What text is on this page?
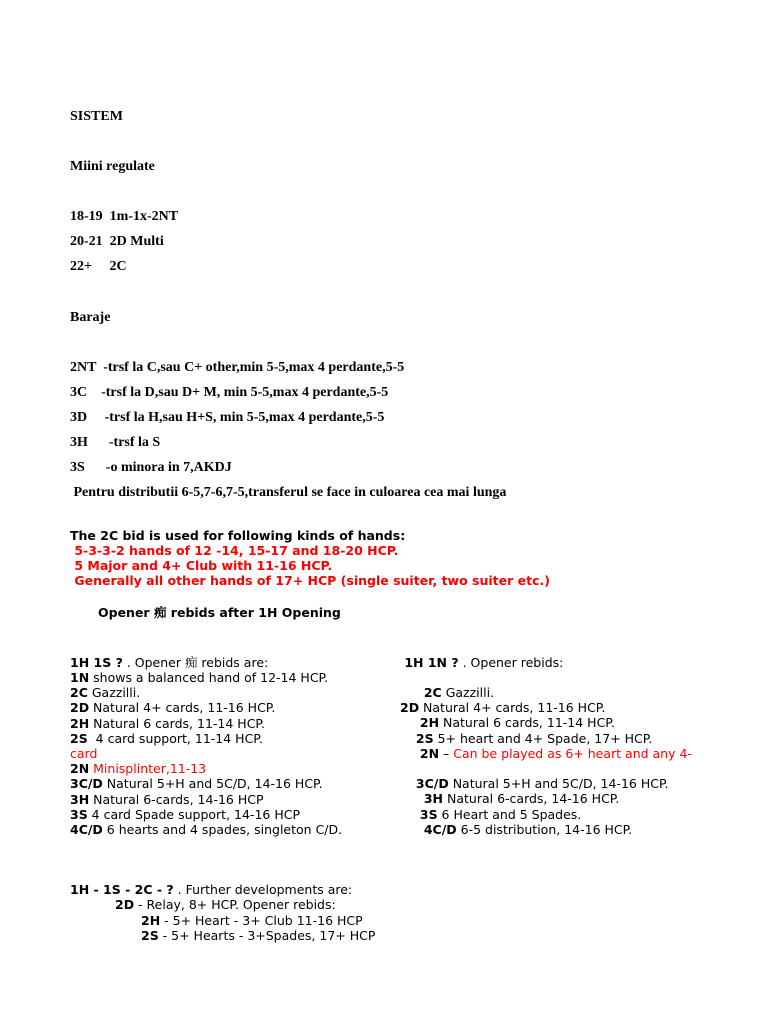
SISTEM
Miini regulate
18-19  1m-1x-2NT
20-21  2D Multi
22+     2C
Baraje
2NT  -trsf la C,sau C+ other,min 5-5,max 4 perdante,5-5
3C    -trsf la D,sau D+ M, min 5-5,max 4 perdante,5-5
3D     -trsf la H,sau H+S, min 5-5,max 4 perdante,5-5
3H      -trsf la S
3S      -o minora in 7,AKDJ
Pentru distributii 6-5,7-6,7-5,transferul se face in culoarea cea mai lunga
The 2C bid is used for following kinds of hands:
5-3-3-2 hands of 12 -14, 15-17 and 18-20 HCP.
5 Major and 4+ Club with 11-16 HCP.
Generally all other hands of 17+ HCP (single suiter, two suiter etc.)
Opener 痴 rebids after 1H Opening
1H 1S ? . Opener 痴 rebids are:
1N shows a balanced hand of 12-14 HCP.
2C Gazzilli.
2D Natural 4+ cards, 11-16 HCP.
2H Natural 6 cards, 11-14 HCP.
2S  4 card support, 11-14 HCP.
card
2N Minisplinter,11-13
3C/D Natural 5+H and 5C/D, 14-16 HCP.
3H Natural 6-cards, 14-16 HCP
3S 4 card Spade support, 14-16 HCP
4C/D 6 hearts and 4 spades, singleton C/D.
1H 1N ? . Opener rebids:
2C Gazzilli.
2D Natural 4+ cards, 11-16 HCP.
2H Natural 6 cards, 11-14 HCP.
2S 5+ heart and 4+ Spade, 17+ HCP.
2N – Can be played as 6+ heart and any 4-
3C/D Natural 5+H and 5C/D, 14-16 HCP.
3H Natural 6-cards, 14-16 HCP.
3S 6 Heart and 5 Spades.
4C/D 6-5 distribution, 14-16 HCP.
1H - 1S - 2C - ? . Further developments are:
2D - Relay, 8+ HCP. Opener rebids:
2H - 5+ Heart - 3+ Club 11-16 HCP
2S - 5+ Hearts - 3+Spades, 17+ HCP
